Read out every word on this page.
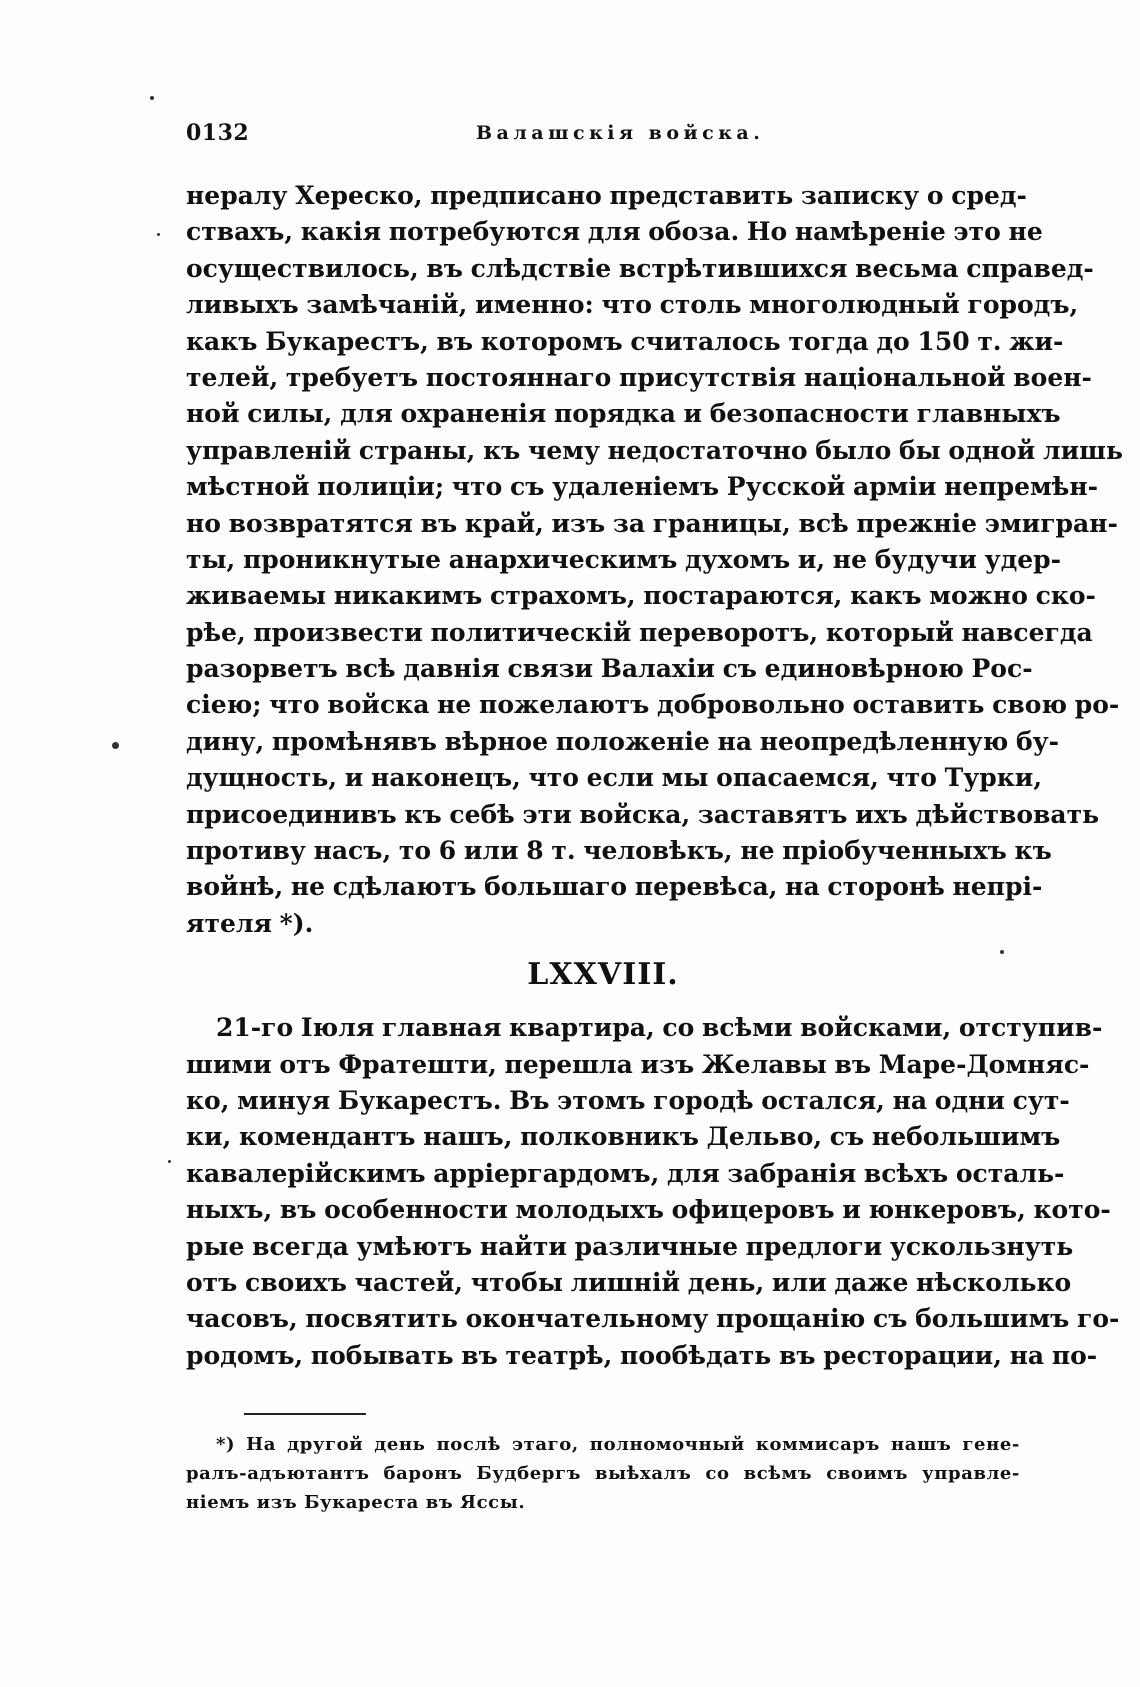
0132	Валашскія войска.
нералу Хереско, предписано представить записку о сред-
ствахъ, какія потребуются для обоза. Но намѣреніе это не
осуществилось, въ слѣдствіе встрѣтившихся весьма справед-
ливыхъ замѣчаній, именно: что столь многолюдный городъ,
какъ Букарестъ, въ которомъ считалось тогда до 150 т. жи-
телей, требуетъ постояннаго присутствія національной воен-
ной силы, для охраненія порядка и безопасности главныхъ
управленій страны, къ чему недостаточно было бы одной лишь
мѣстной полиціи; что съ удаленіемъ Русской арміи непремѣн-
но возвратятся въ край, изъ за границы, всѣ прежніе эмигран-
ты, проникнутые анархическимъ духомъ и, не будучи удер-
живаемы никакимъ страхомъ, постараются, какъ можно ско-
рѣе, произвести политическій переворотъ, который навсегда
разорветъ всѣ давнія связи Валахіи съ единовѣрною Рос-
сіею; что войска не пожелаютъ добровольно оставить свою ро-
дину, промѣнявъ вѣрное положеніе на неопредѣленную бу-
дущность, и наконецъ, что если мы опасаемся, что Турки,
присоединивъ къ себѣ эти войска, заставятъ ихъ дѣйствовать
противу насъ, то 6 или 8 т. человѣкъ, не пріобученныхъ къ
войнѣ, не сдѣлаютъ большаго перевѣса, на сторонѣ непрі-
ятеля *).
LXXVIII.
21-го Іюля главная квартира, со всѣми войсками, отступив-
шими отъ Фратешти, перешла изъ Желавы въ Маре-Домняс-
ко, минуя Букарестъ. Въ этомъ городѣ остался, на одни сут-
ки, комендантъ нашъ, полковникъ Дельво, съ небольшимъ
кавалерійскимъ арріергардомъ, для забранія всѣхъ осталь-
ныхъ, въ особенности молодыхъ офицеровъ и юнкеровъ, кото-
рые всегда умѣютъ найти различные предлоги ускользнуть
отъ своихъ частей, чтобы лишній день, или даже нѣсколько
часовъ, посвятить окончательному прощанію съ большимъ го-
родомъ, побывать въ театрѣ, пообѣдать въ ресторации, на по-
*) На другой день послѣ этаго, полномочный коммисаръ нашъ гене-
ралъ-адъютантъ баронъ Будбергъ выѣхалъ со всѣмъ своимъ управле-
ніемъ изъ Букареста въ Яссы.
